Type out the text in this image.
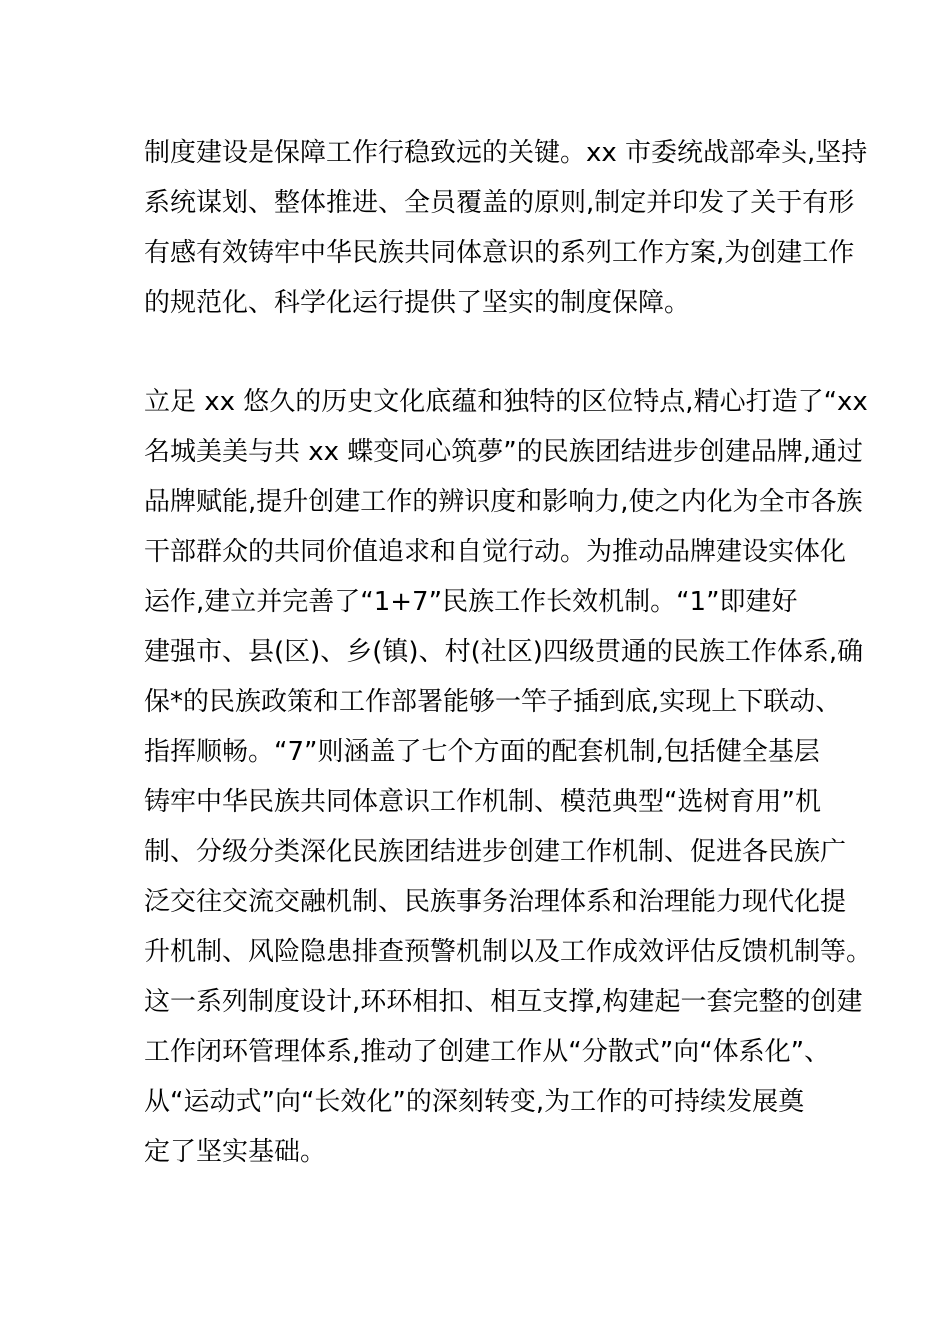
制度建设是保障工作行稳致远的关键。xx 市委统战部牵头,坚持
系统谋划、整体推进、全员覆盖的原则,制定并印发了关于有形
有感有效铸牢中华民族共同体意识的系列工作方案,为创建工作
的规范化、科学化运行提供了坚实的制度保障。
立足 xx 悠久的历史文化底蕴和独特的区位特点,精心打造了“xx
名城美美与共 xx 蝶变同心筑夢”的民族团结进步创建品牌,通过
品牌赋能,提升创建工作的辨识度和影响力,使之内化为全市各族
干部群众的共同价值追求和自觉行动。为推动品牌建设实体化
运作,建立并完善了“1+7”民族工作长效机制。“1”即建好
建强市、县(区)、乡(镇)、村(社区)四级贯通的民族工作体系,确
保*的民族政策和工作部署能够一竿子插到底,实现上下联动、
指挥顺畅。“7”则涵盖了七个方面的配套机制,包括健全基层
铸牢中华民族共同体意识工作机制、模范典型“选树育用”机
制、分级分类深化民族团结进步创建工作机制、促进各民族广
泛交往交流交融机制、民族事务治理体系和治理能力现代化提
升机制、风险隐患排查预警机制以及工作成效评估反馈机制等。
这一系列制度设计,环环相扣、相互支撑,构建起一套完整的创建
工作闭环管理体系,推动了创建工作从“分散式”向“体系化”、
从“运动式”向“长效化”的深刻转变,为工作的可持续发展奠
定了坚实基础。
